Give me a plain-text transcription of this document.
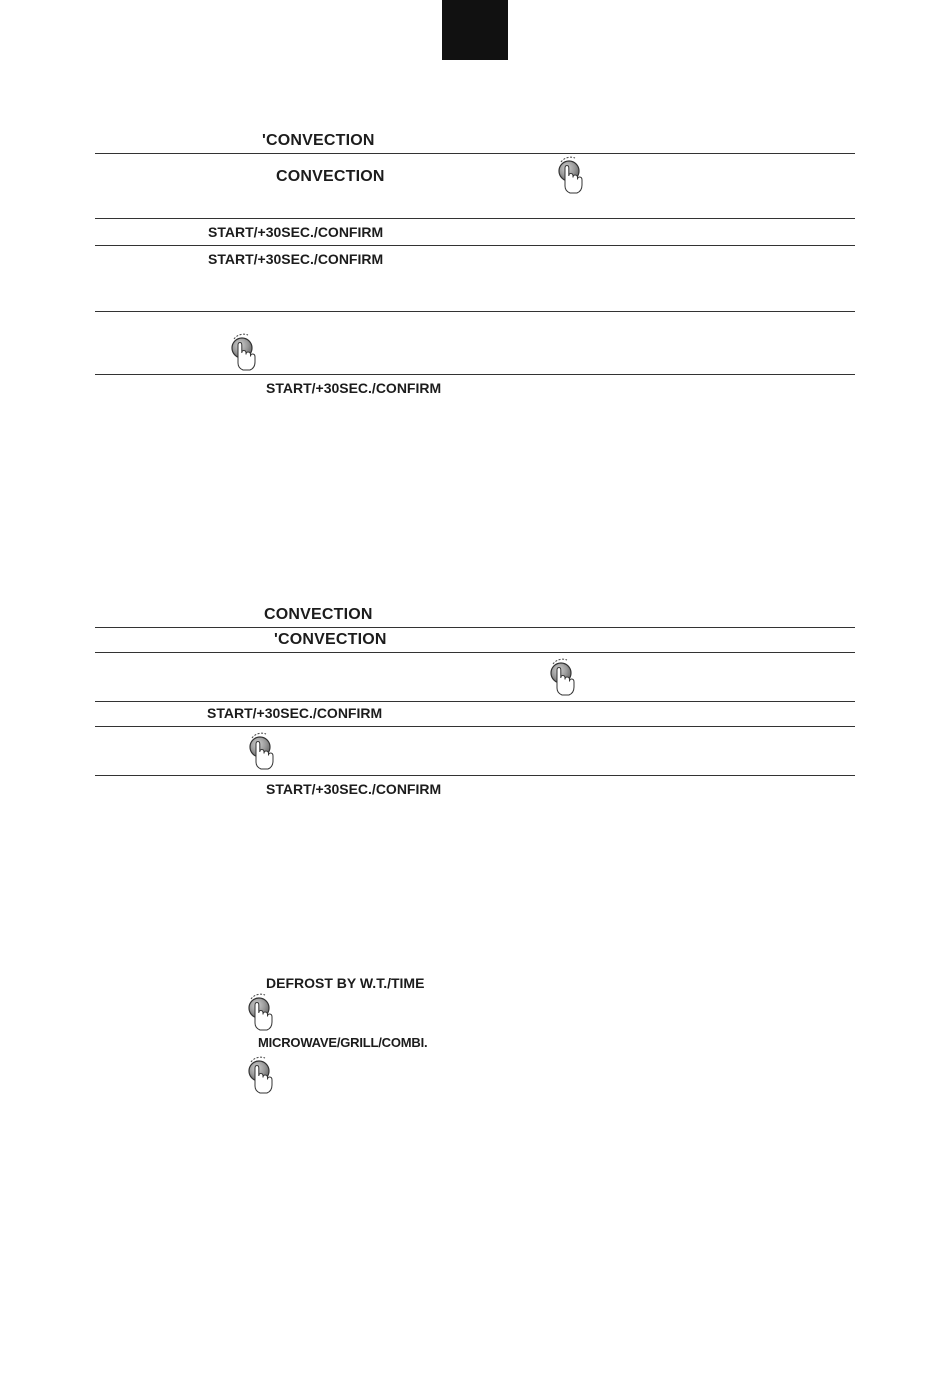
'CONVECTION
CONVECTION
START/+30SEC./CONFIRM
START/+30SEC./CONFIRM
START/+30SEC./CONFIRM
CONVECTION
'CONVECTION
START/+30SEC./CONFIRM
START/+30SEC./CONFIRM
DEFROST BY W.T./TIME
MICROWAVE/GRILL/COMBI.
